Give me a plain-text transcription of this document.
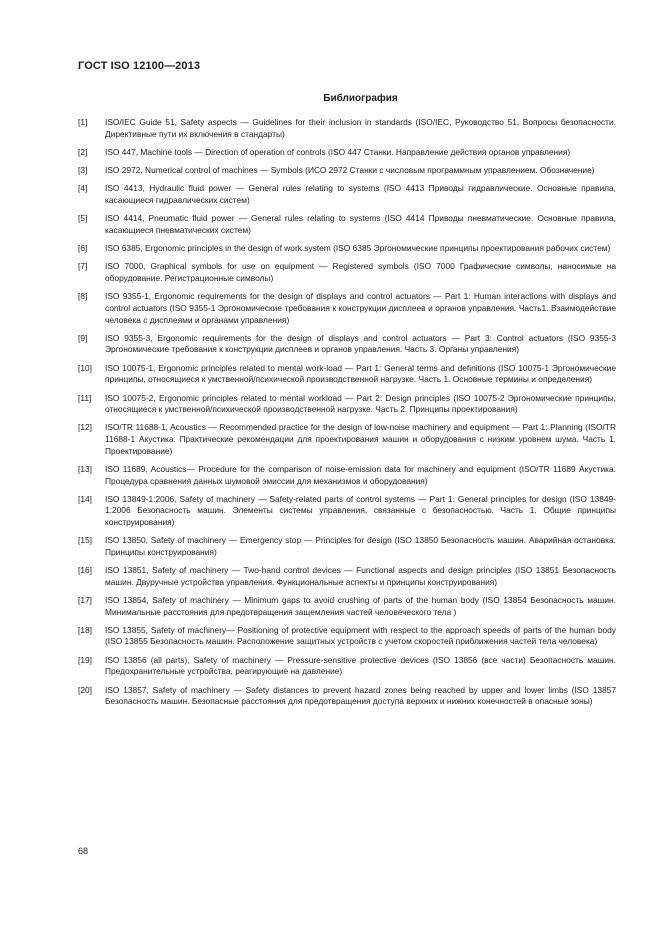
ГОСТ ISO 12100—2013
Библиография
[1]	ISO/IEC Guide 51, Safety aspects — Guidelines for their inclusion in standards (ISO/IEC, Руководство 51. Вопросы безопасности. Директивные пути их включения в стандарты)
[2]	ISO 447, Machine tools — Direction of operation of controls (ISO 447 Станки. Направление действия органов управления)
[3]	ISO 2972, Numerical control of machines — Symbols (ИСО 2972 Станки с числовым программным управлением. Обозначение)
[4]	ISO 4413, Hydraulic fluid power — General rules relating to systems (ISO 4413 Приводы гидравлические. Основные правила, касающиеся гидравлических систем)
[5]	ISO 4414, Pneumatic fluid power — General rules relating to systems (ISO 4414 Приводы пневматические. Основные правила, касающиеся пневматических систем)
[6]	ISO 6385, Ergonomic principles in the design of work system (ISO 6385 Эргономические принципы проектирования рабочих систем)
[7]	ISO 7000, Graphical symbols for use on equipment — Registered symbols (ISO 7000 Графические символы, наносимые на оборудование. Регистрационные символы)
[8]	ISO 9355-1, Ergonomic requirements for the design of displays and control actuators — Part 1: Human interactions with displays and control actuators (ISO 9355-1 Эргономические требования к конструкции дисплеев и органов управления. Часть1. Взаимодействие человека с дисплеями и органами управления)
[9]	ISO 9355-3, Ergonomic requirements for the design of displays and control actuators — Part 3: Control actuators (ISO 9355-3 Эргономические требования к конструкции дисплеев и органов управления. Часть 3. Органы управления)
[10]	ISO 10075-1, Ergonomic principles related to mental work-load — Part 1: General terms and definitions (ISO 10075-1 Эргономические принципы, относящиеся к умственной/психической производственной нагрузке. Часть 1. Основные термины и определения)
[11]	ISO 10075-2, Ergonomic principles related to mental workload — Part 2: Design principles (ISO 10075-2 Эргономические принципы, относящиеся к умственной/психической производственной нагрузке. Часть 2. Принципы проектирования)
[12]	ISO/TR 11688-1, Acoustics — Recommended practice for the design of low-noise machinery and equipment — Part 1: Planning (ISO/TR 11688-1 Акустика. Практические рекомендации для проектирования машин и оборудования с низким уровнем шума. Часть 1. Проектирование)
[13]	ISO 11689, Acoustics— Procedure for the comparison of noise-emission data for machinery and equipment (ISO/TR 11689 Акустика. Процедура сравнения данных шумовой эмиссии для механизмов и оборудования)
[14]	ISO 13849-1:2006, Safety of machinery — Safety-related parts of control systems — Part 1: General principles for design (ISO 13849-1:2006 Безопасность машин. Элементы системы управления, связанные с безопасностью. Часть 1. Общие принципы конструирования)
[15]	ISO 13850, Safety of machinery — Emergency stop — Principles for design (ISO 13850 Безопасность машин. Аварийная остановка. Принципы конструирования)
[16]	ISO 13851, Safety of machinery — Two-hand control devices — Functional aspects and design principles (ISO 13851 Безопасность машин. Двуручные устройства управления. Функциональные аспекты и принципы конструирования)
[17]	ISO 13854, Safety of machinery — Minimum gaps to avoid crushing of parts of the human body (ISO 13854 Безопасность машин. Минимальные расстояния для предотвращения защемления частей человеческого тела )
[18]	ISO 13855, Safety of machinery— Positioning of protective equipment with respect to the approach speeds of parts of the human body (ISO 13855 Безопасность машин. Расположение защитных устройств с учетом скоростей приближения частей тела человека)
[19]	ISO 13856 (all parts), Safety of machinery — Pressure-sensitive protective devices (ISO 13856 (все части) Безопасность машин. Предохранительные устройства, реагирующие на давление)
[20]	ISO 13857, Safety of machinery — Safety distances to prevent hazard zones being reached by upper and lower limbs (ISO 13857 Безопасность машин. Безопасные расстояния для предотвращения доступа верхних и нижних конечностей в опасные зоны)
68
